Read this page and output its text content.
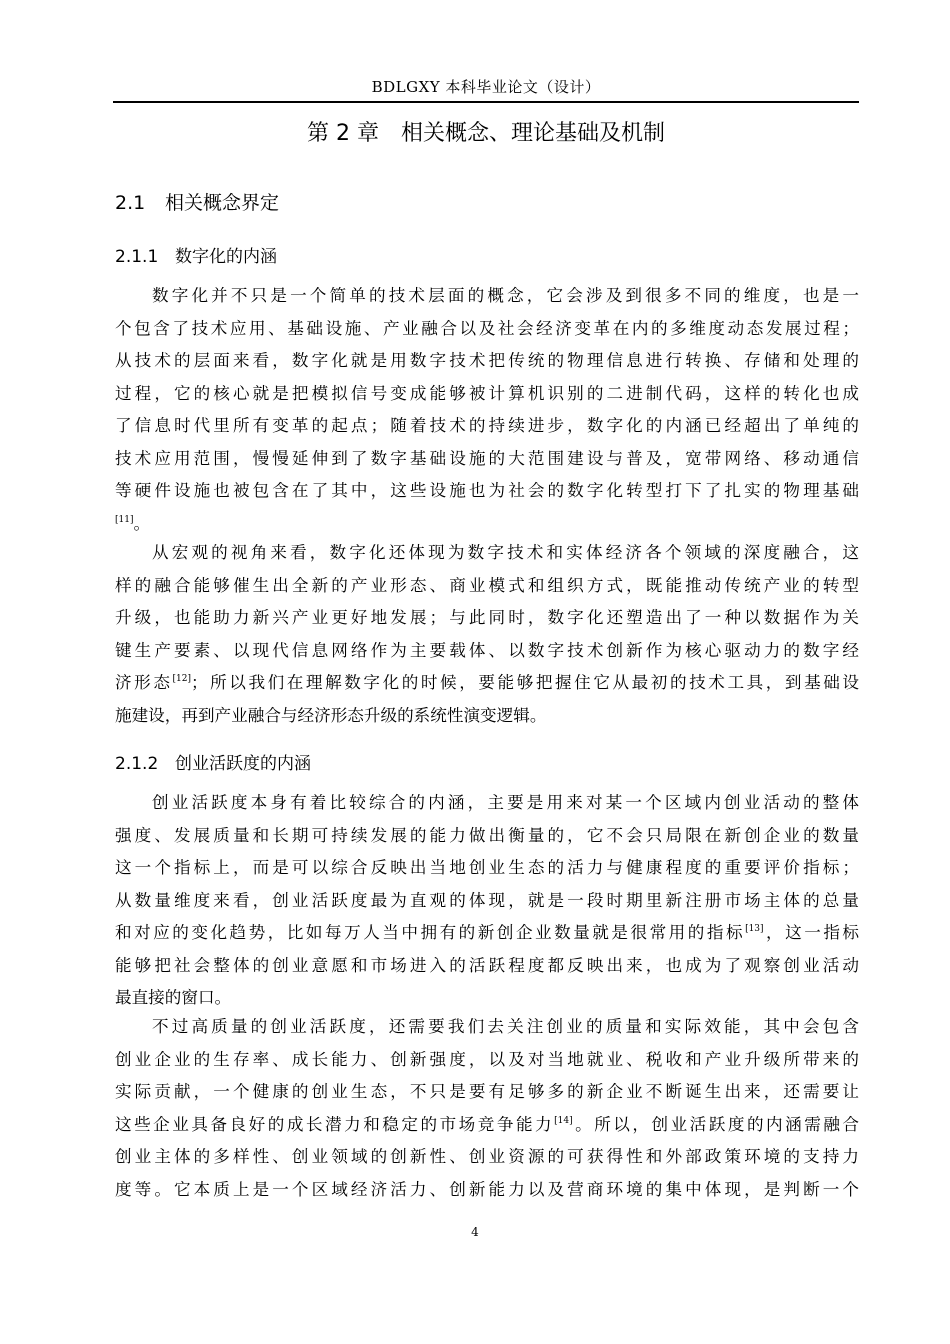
BDLGXY 本科毕业论文（设计）
第 2 章　相关概念、理论基础及机制
2.1 相关概念界定
2.1.1 数字化的内涵
数字化并不只是一个简单的技术层面的概念，它会涉及到很多不同的维度，也是一
个包含了技术应用、基础设施、产业融合以及社会经济变革在内的多维度动态发展过程；
从技术的层面来看，数字化就是用数字技术把传统的物理信息进行转换、存储和处理的
过程，它的核心就是把模拟信号变成能够被计算机识别的二进制代码，这样的转化也成
了信息时代里所有变革的起点；随着技术的持续进步，数字化的内涵已经超出了单纯的
技术应用范围，慢慢延伸到了数字基础设施的大范围建设与普及，宽带网络、移动通信
等硬件设施也被包含在了其中，这些设施也为社会的数字化转型打下了扎实的物理基础
[11]。
从宏观的视角来看，数字化还体现为数字技术和实体经济各个领域的深度融合，这
样的融合能够催生出全新的产业形态、商业模式和组织方式，既能推动传统产业的转型
升级，也能助力新兴产业更好地发展；与此同时，数字化还塑造出了一种以数据作为关
键生产要素、以现代信息网络作为主要载体、以数字技术创新作为核心驱动力的数字经
济形态[12]；所以我们在理解数字化的时候，要能够把握住它从最初的技术工具，到基础设
施建设，再到产业融合与经济形态升级的系统性演变逻辑。
2.1.2 创业活跃度的内涵
创业活跃度本身有着比较综合的内涵，主要是用来对某一个区域内创业活动的整体
强度、发展质量和长期可持续发展的能力做出衡量的，它不会只局限在新创企业的数量
这一个指标上，而是可以综合反映出当地创业生态的活力与健康程度的重要评价指标；
从数量维度来看，创业活跃度最为直观的体现，就是一段时期里新注册市场主体的总量
和对应的变化趋势，比如每万人当中拥有的新创企业数量就是很常用的指标[13]，这一指标
能够把社会整体的创业意愿和市场进入的活跃程度都反映出来，也成为了观察创业活动
最直接的窗口。
不过高质量的创业活跃度，还需要我们去关注创业的质量和实际效能，其中会包含
创业企业的生存率、成长能力、创新强度，以及对当地就业、税收和产业升级所带来的
实际贡献，一个健康的创业生态，不只是要有足够多的新企业不断诞生出来，还需要让
这些企业具备良好的成长潜力和稳定的市场竞争能力[14]。所以，创业活跃度的内涵需融合
创业主体的多样性、创业领域的创新性、创业资源的可获得性和外部政策环境的支持力
度等。它本质上是一个区域经济活力、创新能力以及营商环境的集中体现，是判断一个
4
